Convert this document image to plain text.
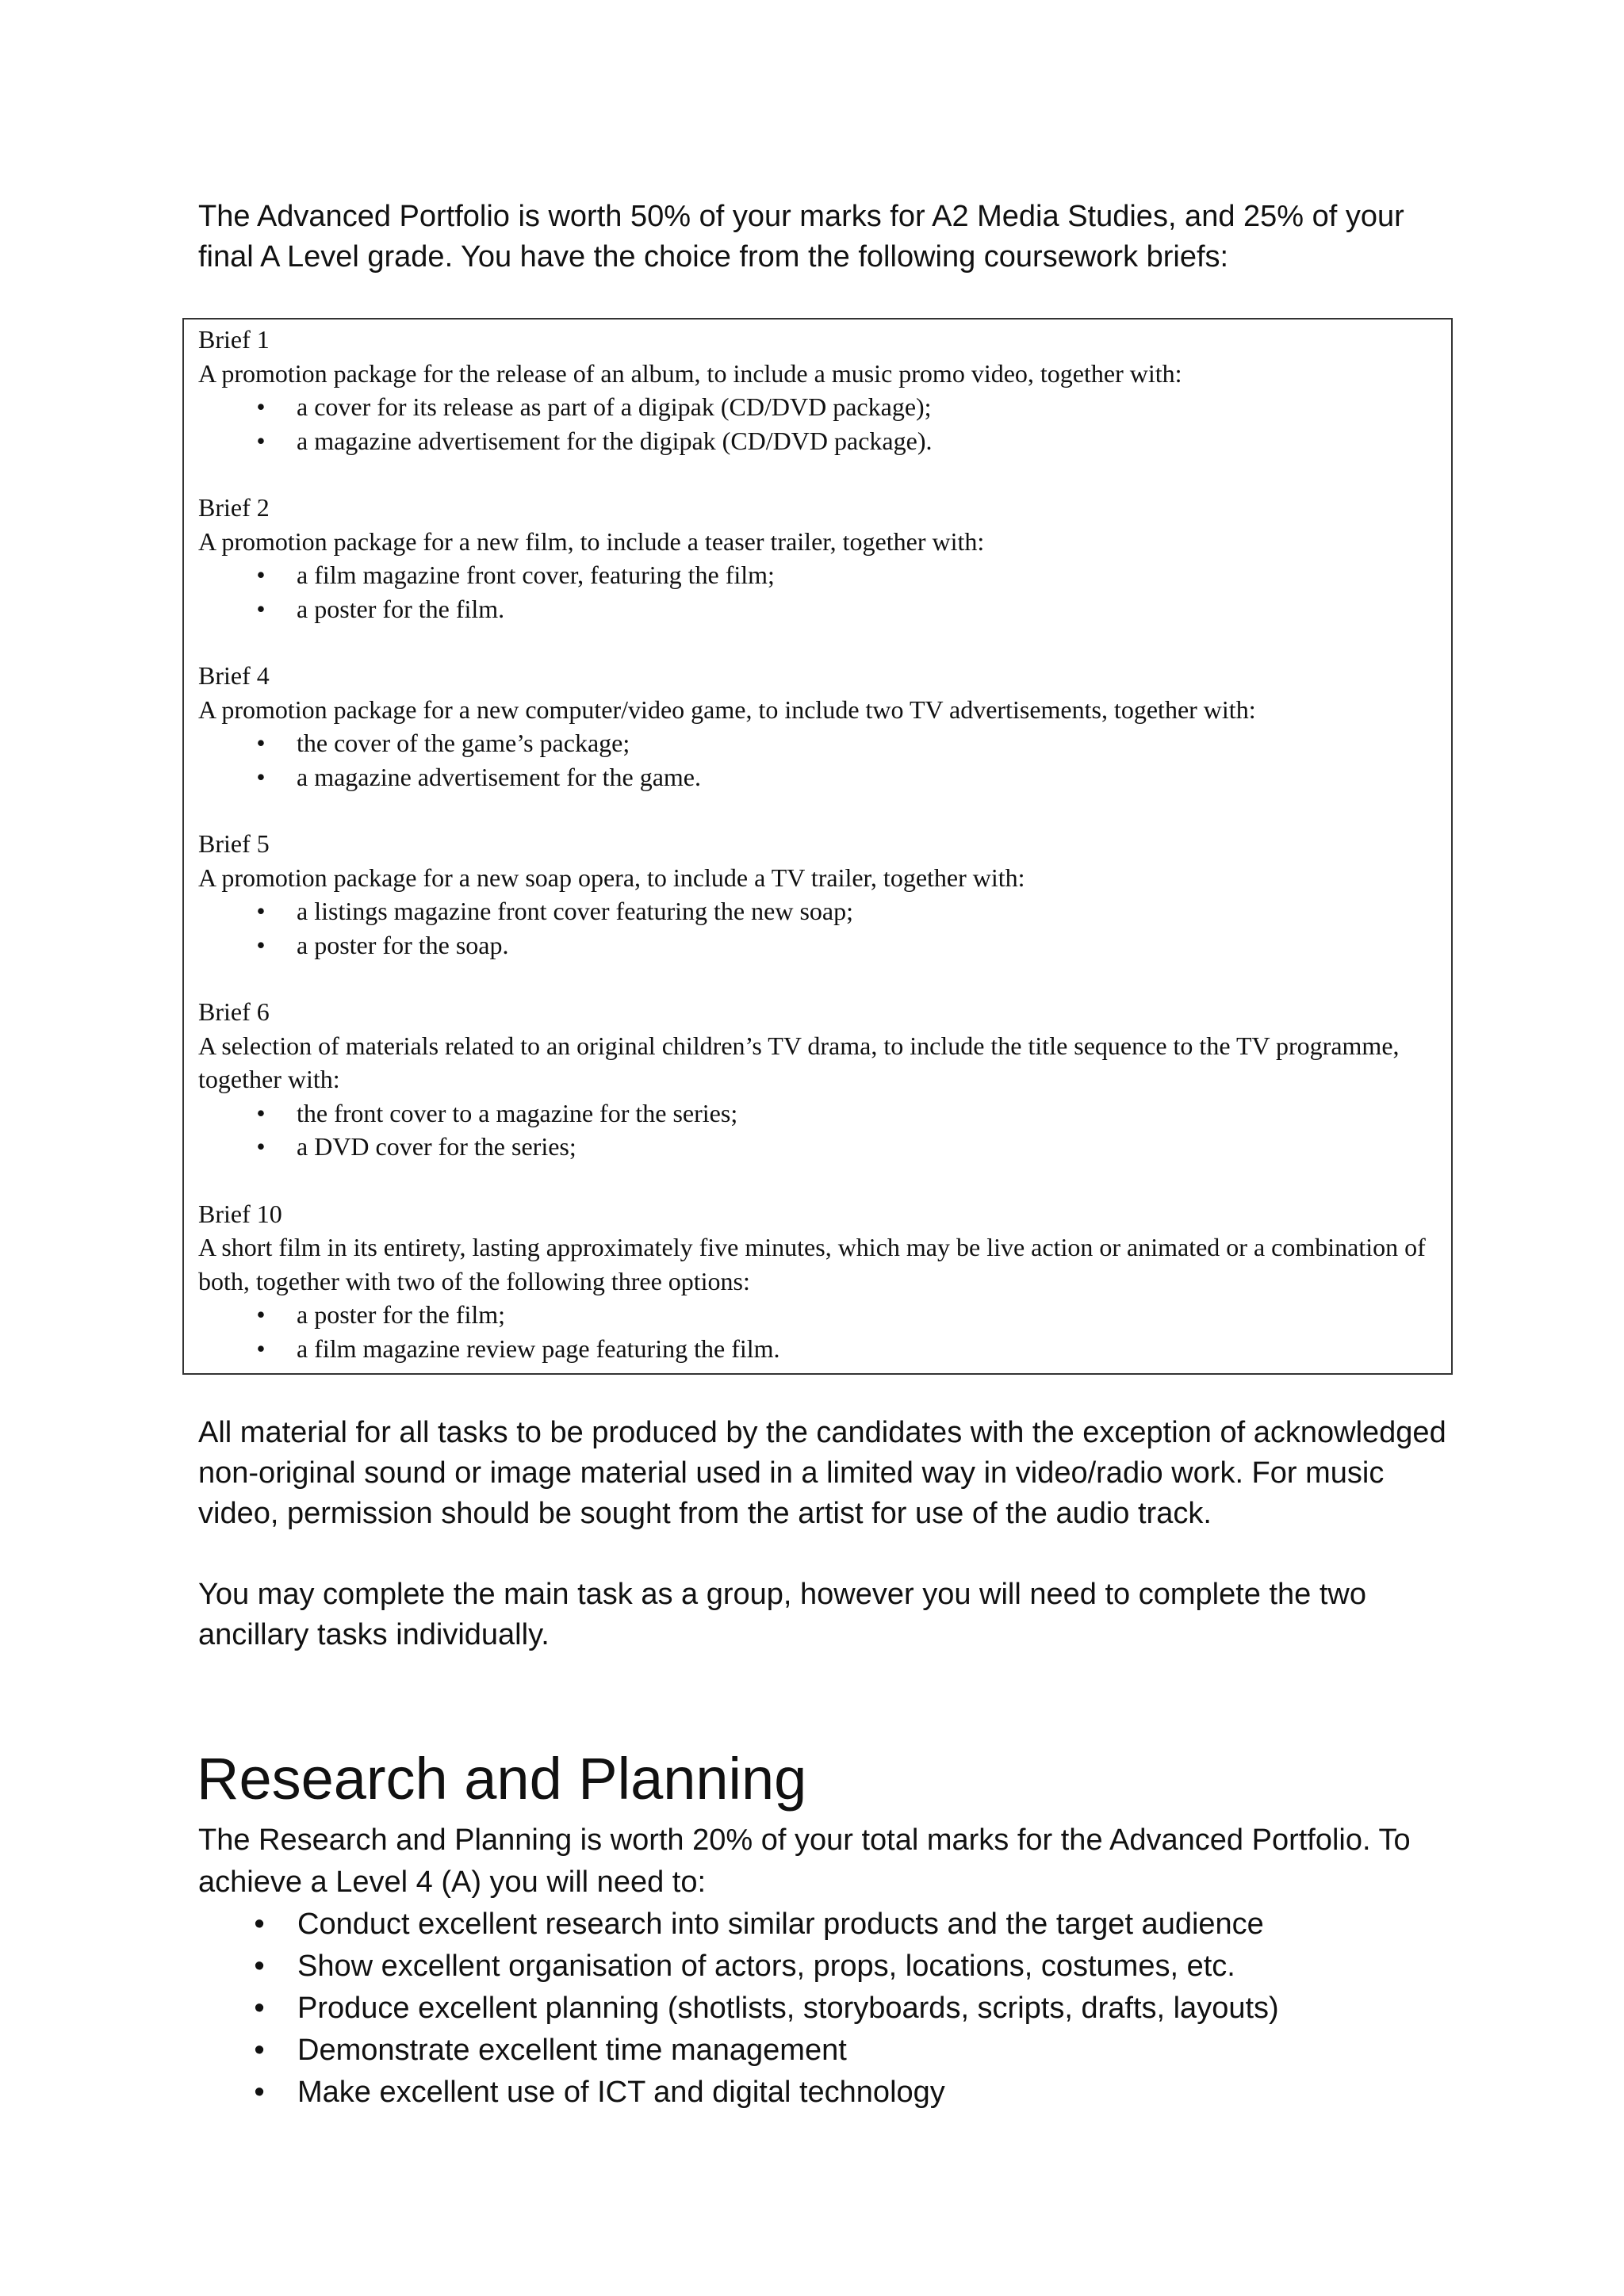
The Advanced Portfolio is worth 50% of your marks for A2 Media Studies, and 25% of your
final A Level grade. You have the choice from the following coursework briefs:

Brief 1
A promotion package for the release of an album, to include a music promo video, together with:
• a cover for its release as part of a digipak (CD/DVD package);
• a magazine advertisement for the digipak (CD/DVD package).
Brief 2
A promotion package for a new film, to include a teaser trailer, together with:
• a film magazine front cover, featuring the film;
• a poster for the film.
Brief 4
A promotion package for a new computer/video game, to include two TV advertisements, together with:
• the cover of the game’s package;
• a magazine advertisement for the game.
Brief 5
A promotion package for a new soap opera, to include a TV trailer, together with:
• a listings magazine front cover featuring the new soap;
• a poster for the soap.
Brief 6
A selection of materials related to an original children’s TV drama, to include the title sequence to the TV programme, together with:
• the front cover to a magazine for the series;
• a DVD cover for the series;
Brief 10
A short film in its entirety, lasting approximately five minutes, which may be live action or animated or a combination of both, together with two of the following three options:
• a poster for the film;
• a film magazine review page featuring the film.

All material for all tasks to be produced by the candidates with the exception of acknowledged non-original sound or image material used in a limited way in video/radio work. For music video, permission should be sought from the artist for use of the audio track.

You may complete the main task as a group, however you will need to complete the two ancillary tasks individually.

Research and Planning

The Research and Planning is worth 20% of your total marks for the Advanced Portfolio. To achieve a Level 4 (A) you will need to:

• Conduct excellent research into similar products and the target audience
• Show excellent organisation of actors, props, locations, costumes, etc.
• Produce excellent planning (shotlists, storyboards, scripts, drafts, layouts)
• Demonstrate excellent time management
• Make excellent use of ICT and digital technology
